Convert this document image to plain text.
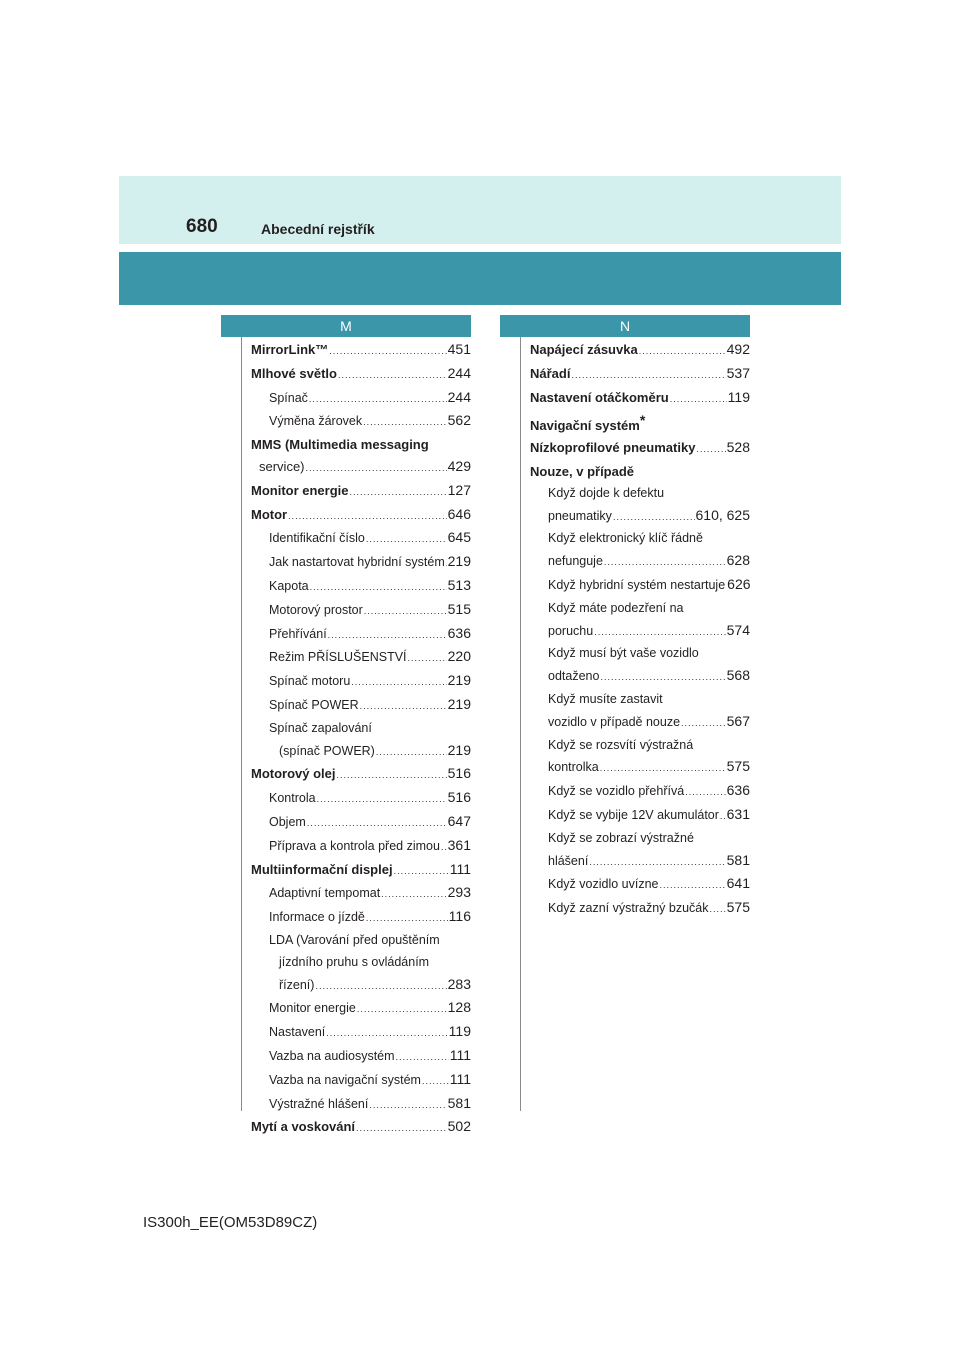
680	Abecední rejstřík
M
MirrorLink™ .....	451
Mlhové světlo .....	244
Spínač .....	244
Výměna žárovek .....	562
MMS (Multimedia messaging
service) .....	429
Monitor energie .....	127
Motor .....	646
Identifikační číslo .....	645
Jak nastartovat hybridní systém ..... 219
Kapota .....	513
Motorový prostor .....	515
Přehřívání .....	636
Režim PŘÍSLUŠENSTVÍ .....	220
Spínač motoru .....	219
Spínač POWER .....	219
Spínač zapalování
(spínač POWER) .....	219
Motorový olej .....	516
Kontrola .....	516
Objem .....	647
Příprava a kontrola před zimou ..... 361
Multiinformační displej .....	111
Adaptivní tempomat .....	293
Informace o jízdě .....	116
LDA (Varování před opuštěním
jízdního pruhu s ovládáním
řízení) .....	283
Monitor energie .....	128
Nastavení .....	119
Vazba na audiosystém .....	111
Vazba na navigační systém ..... 111
Výstražné hlášení .....	581
Mytí a voskování .....	502
N
Napájecí zásuvka .....	492
Nářadí .....	537
Nastavení otáčkoměru .....	119
Navigační systém*
Nízkoprofilové pneumatiky ..... 528
Nouze, v případě
Když dojde k defektu
pneumatiky .....	610, 625
Když elektronický klíč řádně
nefunguje .....	628
Když hybridní systém nestartuje 626
Když máte podezření na
poruchu .....	574
Když musí být vaše vozidlo
odtaženo .....	568
Když musíte zastavit
vozidlo v případě nouze .....	567
Když se rozsvítí výstražná
kontrolka .....	575
Když se vozidlo přehřívá .....	636
Když se vybije 12V akumulátor ..... 631
Když se zobrazí výstražné
hlášení .....	581
Když vozidlo uvízne .....	641
Když zazní výstražný bzučák ..... 575
IS300h_EE(OM53D89CZ)
